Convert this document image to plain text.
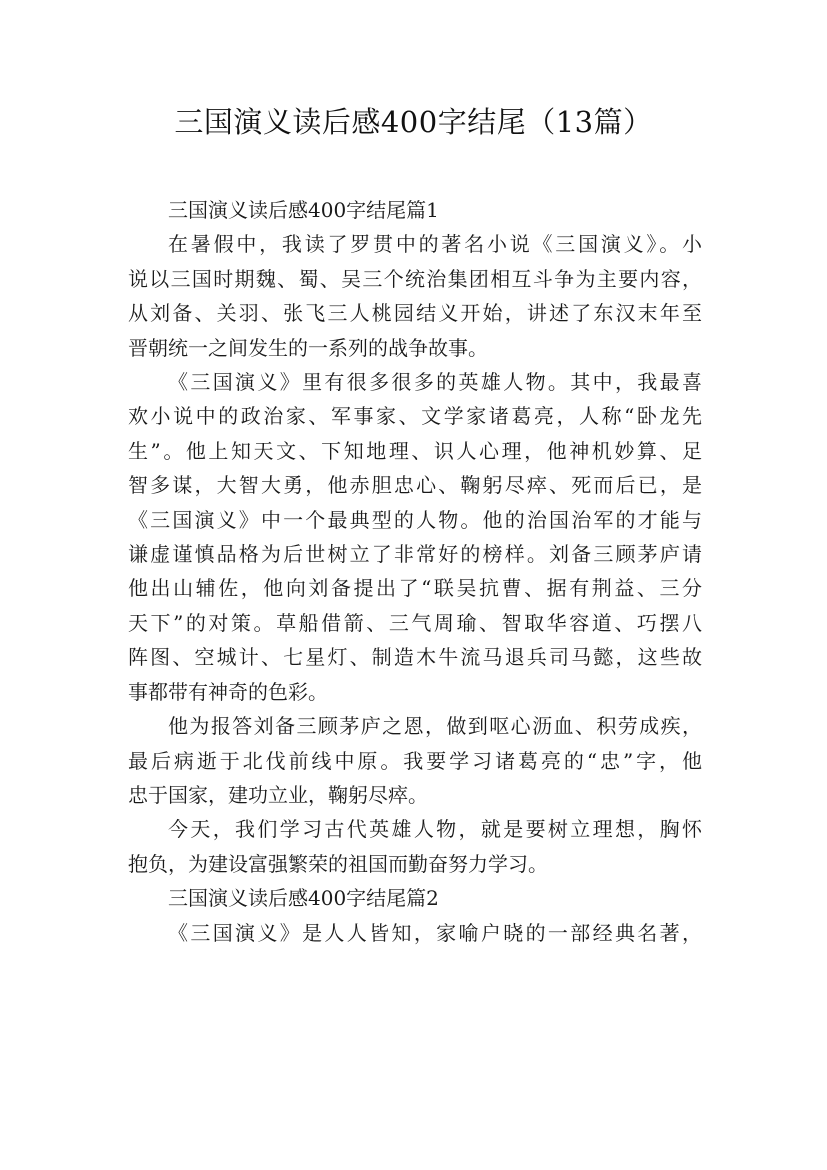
三国演义读后感400字结尾（13篇）
三国演义读后感400字结尾篇1
在暑假中，我读了罗贯中的著名小说《三国演义》。小
说以三国时期魏、蜀、吴三个统治集团相互斗争为主要内容，
从刘备、关羽、张飞三人桃园结义开始，讲述了东汉末年至
晋朝统一之间发生的一系列的战争故事。
《三国演义》里有很多很多的英雄人物。其中，我最喜
欢小说中的政治家、军事家、文学家诸葛亮，人称“卧龙先
生”。他上知天文、下知地理、识人心理，他神机妙算、足
智多谋，大智大勇，他赤胆忠心、鞠躬尽瘁、死而后已，是
《三国演义》中一个最典型的人物。他的治国治军的才能与
谦虚谨慎品格为后世树立了非常好的榜样。刘备三顾茅庐请
他出山辅佐，他向刘备提出了“联吴抗曹、据有荆益、三分
天下”的对策。草船借箭、三气周瑜、智取华容道、巧摆八
阵图、空城计、七星灯、制造木牛流马退兵司马懿，这些故
事都带有神奇的色彩。
他为报答刘备三顾茅庐之恩，做到呕心沥血、积劳成疾，
最后病逝于北伐前线中原。我要学习诸葛亮的“忠”字，他
忠于国家，建功立业，鞠躬尽瘁。
今天，我们学习古代英雄人物，就是要树立理想，胸怀
抱负，为建设富强繁荣的祖国而勤奋努力学习。
三国演义读后感400字结尾篇2
《三国演义》是人人皆知，家喻户晓的一部经典名著，
